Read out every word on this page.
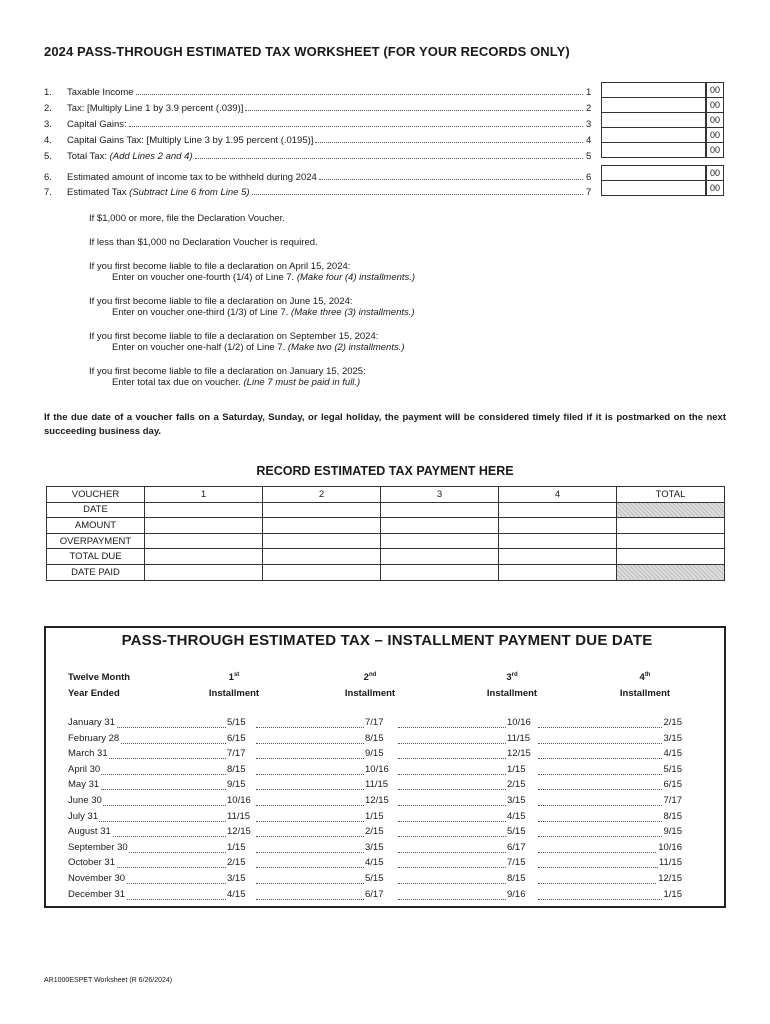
2024 PASS-THROUGH ESTIMATED TAX WORKSHEET (FOR YOUR RECORDS ONLY)
1.	Taxable Income	1
2.	Tax: [Multiply Line 1 by 3.9 percent (.039)]	2
3.	Capital Gains:	3
4.	Capital Gains Tax: [Multiply Line 3 by 1.95 percent (.0195)]	4
5.	Total Tax: (Add Lines 2 and 4)	5
6.	Estimated amount of income tax to be withheld during 2024	6
7.	Estimated Tax (Subtract Line 6 from Line 5)	7
00
00
00
00
00
00
00
If $1,000 or more, file the Declaration Voucher.
If less than $1,000 no Declaration Voucher is required.
If you first become liable to file a declaration on April 15, 2024:
Enter on voucher one-fourth (1/4) of Line 7. (Make four (4) installments.)
If you first become liable to file a declaration on June 15, 2024:
Enter on voucher one-third (1/3) of Line 7. (Make three (3) installments.)
If you first become liable to file a declaration on September 15, 2024:
Enter on voucher one-half (1/2) of Line 7. (Make two (2) installments.)
If you first become liable to file a declaration on January 15, 2025:
Enter total tax due on voucher. (Line 7 must be paid in full.)
If the due date of a voucher falls on a Saturday, Sunday, or legal holiday, the payment will be considered timely filed if it is postmarked on the next succeeding business day.
RECORD ESTIMATED TAX PAYMENT HERE
VOUCHER	1	2	3	4	TOTAL
DATE					
AMOUNT					
OVERPAYMENT					
TOTAL DUE					
DATE PAID					
PASS-THROUGH ESTIMATED TAX – INSTALLMENT PAYMENT DUE DATE
Twelve Month
Year Ended
1st
Installment
2nd
Installment
3rd
Installment
4th
Installment
January 31	5/15	7/17	10/16	2/15
February 28	6/15	8/15	11/15	3/15
March 31	7/17	9/15	12/15	4/15
April 30	8/15	10/16	1/15	5/15
May 31	9/15	11/15	2/15	6/15
June 30	10/16	12/15	3/15	7/17
July 31	11/15	1/15	4/15	8/15
August 31	12/15	2/15	5/15	9/15
September 30	1/15	3/15	6/17	10/16
October 31	2/15	4/15	7/15	11/15
November 30	3/15	5/15	8/15	12/15
December 31	4/15	6/17	9/16	1/15
AR1000ESPET Worksheet (R 6/26/2024)
